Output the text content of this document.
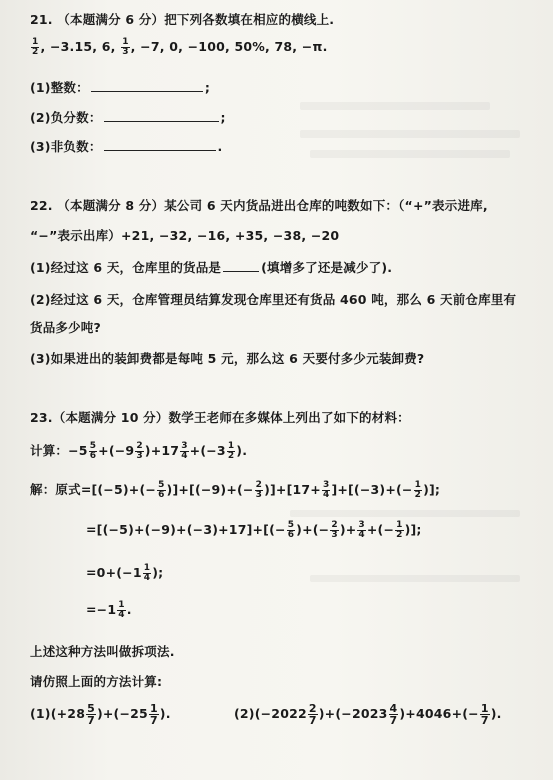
21. （本题满分 6 分）把下列各数填在相应的横线上.
$\frac{1}{2}$ , −3.15, 6, $\frac{1}{3}$ , −7, 0, −100, 50%, 78, −π.
(1)整数：	;
(2)负分数：	;
(3)非负数：	.
22. （本题满分 8 分）某公司 6 天内货品进出仓库的吨数如下：（“+”表示进库,
“−”表示出库）+21, −32, −16, +35, −38, −20
(1)经过这 6 天，仓库里的货品是	(填增多了还是减少了).
(2)经过这 6 天，仓库管理员结算发现仓库里还有货品 460 吨，那么 6 天前仓库里有
货品多少吨?
(3)如果进出的装卸费都是每吨 5 元，那么这 6 天要付多少元装卸费?
23.（本题满分 10 分）数学王老师在多媒体上列出了如下的材料：
计算：$-5 \frac{5}{6} +(-9 \frac{2}{3} )+17 \frac{3}{4} +(-3 \frac{1}{2}$ ).
解：原式$=[(-5)+(- \frac{5}{6} )]+[(-9)+(- \frac{2}{3} )]+[17+ \frac{3}{4} ]+[(-3)+(- \frac{1}{2}$ )];
$=[(-5)+(-9)+(-3)+17]+[(- \frac{5}{6}$ )+(− $\frac{2}{3}$ )+ $\frac{3}{4}$ +(− $\frac{1}{2}$ )];
$=0+(-1 \frac{1}{4}$ );
$=-1 \frac{1}{4}$ .
上述这种方法叫做拆项法.
请仿照上面的方法计算:
$(1)(+28 \frac{5}{7} )+(-25 \frac{1}{7}$ ).	$(2)(-2022 \frac{2}{7} )+(-2023 \frac{4}{7} )+4046+(- \frac{1}{7}$ ).
